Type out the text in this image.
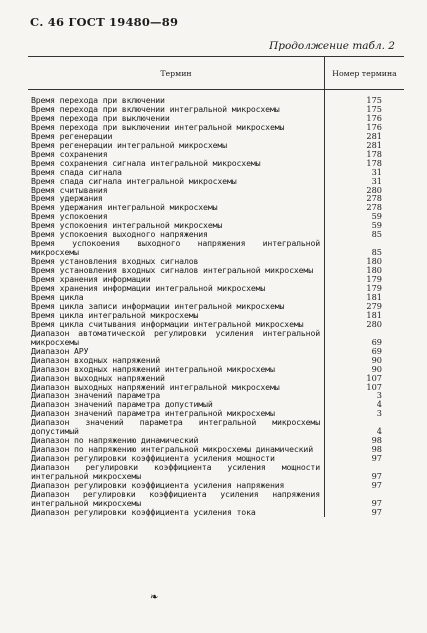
С. 46 ГОСТ 19480—89
Продолжение табл. 2
Термин	Номер термина

Время перехода при включении	175
Время перехода при включении интегральной микросхемы	175
Время перехода при выключении	176
Время перехода при выключении интегральной микросхемы	176
Время регенерации	281
Время регенерации интегральной микросхемы	281
Время сохранения	178
Время сохранения сигнала интегральной микросхемы	178
Время спада сигнала	31
Время спада сигнала интегральной микросхемы	31
Время считывания	280
Время удержания	278
Время удержания интегральной микросхемы	278
Время успокоения	59
Время успокоения интегральной микросхемы	59
Время успокоения выходного напряжения	85
Время успокоения выходного напряжения интегральной микросхемы	85
Время установления входных сигналов	180
Время установления входных сигналов интегральной микросхемы	180
Время хранения информации	179
Время хранения информации интегральной микросхемы	179
Время цикла	181
Время цикла записи информации интегральной микросхемы	279
Время цикла интегральной микросхемы	181
Время цикла считывания информации интегральной микросхемы	280
Диапазон автоматической регулировки усиления интегральной микросхемы	69
Диапазон АРУ	69
Диапазон входных напряжений	90
Диапазон входных напряжений интегральной микросхемы	90
Диапазон выходных напряжений	107
Диапазон выходных напряжений интегральной микросхемы	107
Диапазон значений параметра	3
Диапазон значений параметра допустимый	4
Диапазон значений параметра интегральной микросхемы	3
Диапазон значений параметра интегральной микросхемы допустимый	4
Диапазон по напряжению динамический	98
Диапазон по напряжению интегральной микросхемы динамический	98
Диапазон регулировки коэффициента усиления мощности	97
Диапазон регулировки коэффициента усиления мощности интегральной микросхемы	97
Диапазон регулировки коэффициента усиления напряжения	97
Диапазон регулировки коэффициента усиления напряжения интегральной микросхемы	97
Диапазон регулировки коэффициента усиления тока	97
❧
